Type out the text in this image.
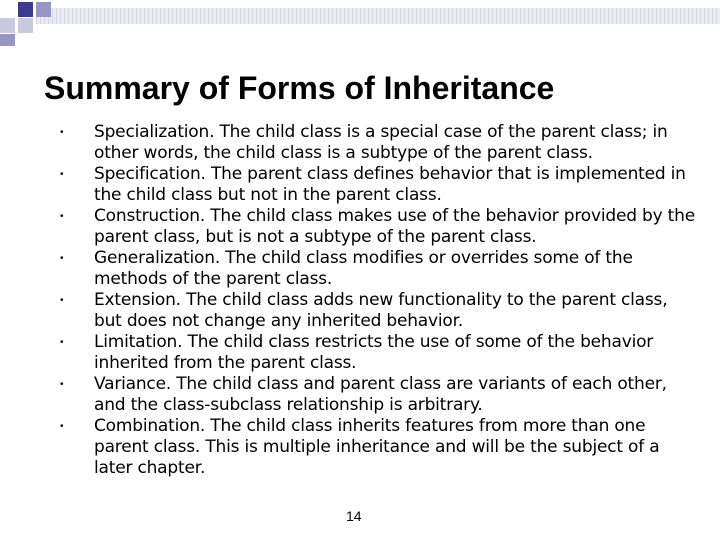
Summary of Forms of Inheritance
•	Specialization. The child class is a special case of the parent class; in other words, the child class is a subtype of the parent class.
•	Specification. The parent class defines behavior that is implemented in the child class but not in the parent class.
•	Construction. The child class makes use of the behavior provided by the parent class, but is not a subtype of the parent class.
•	Generalization. The child class modifies or overrides some of the methods of the parent class.
•	Extension. The child class adds new functionality to the parent class, but does not change any inherited behavior.
•	Limitation. The child class restricts the use of some of the behavior inherited from the parent class.
•	Variance. The child class and parent class are variants of each other, and the class-subclass relationship is arbitrary.
•	Combination. The child class inherits features from more than one parent class. This is multiple inheritance and will be the subject of a later chapter.
14
